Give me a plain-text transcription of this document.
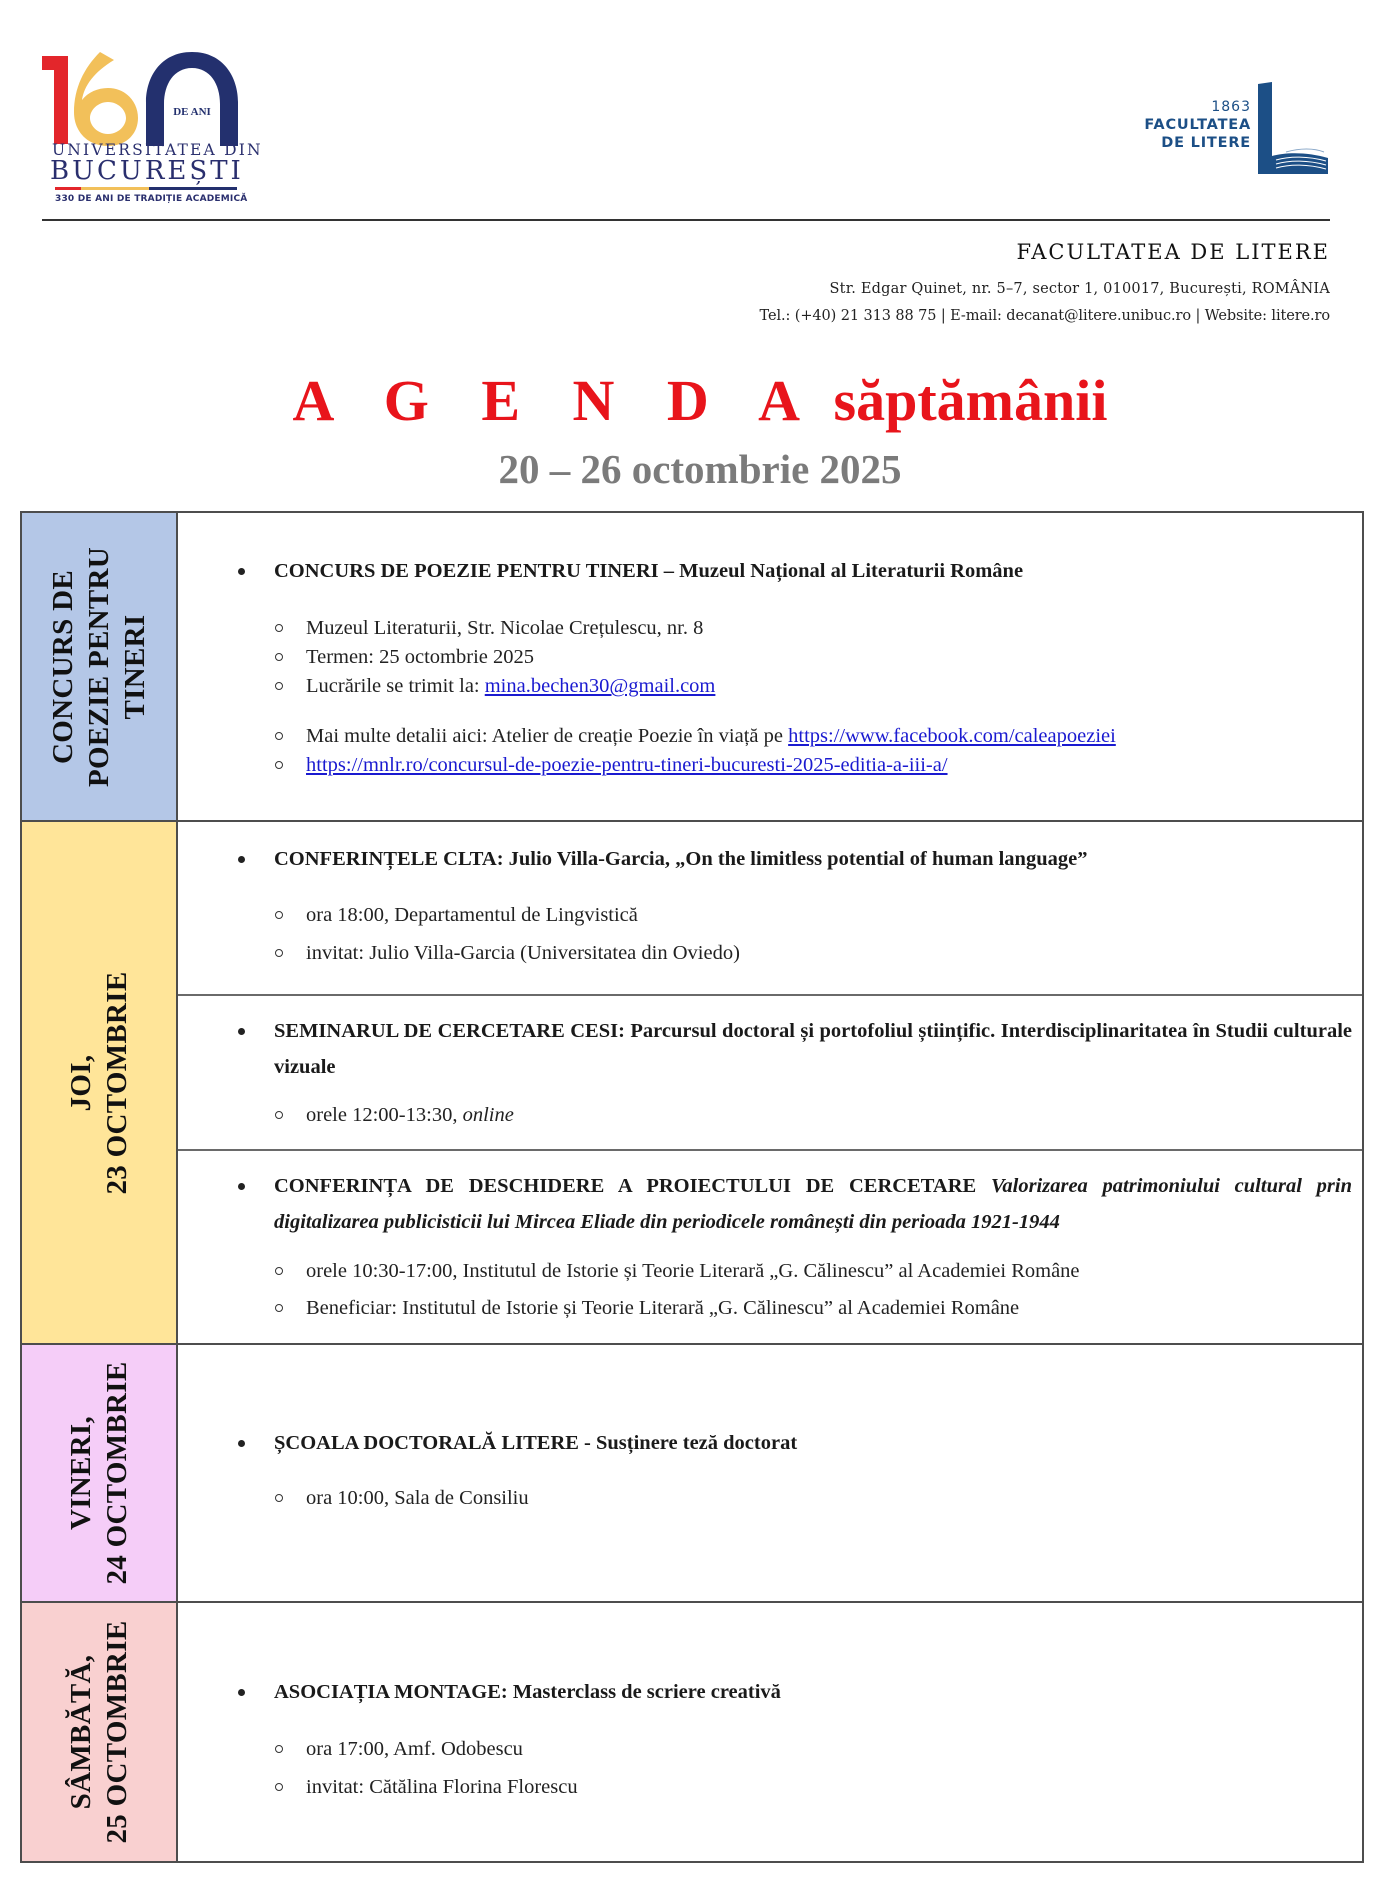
DE ANI
UNIVERSITATEA DIN
BUCUREȘTI
330 DE ANI DE TRADIȚIE ACADEMICĂ
1863
FACULTATEA
DE LITERE
FACULTATEA DE LITERE
Str. Edgar Quinet, nr. 5–7, sector 1, 010017, București, ROMÂNIA
Tel.: (+40) 21 313 88 75 | E-mail: decanat@litere.unibuc.ro | Website: litere.ro
A G E N D A săptămânii
20 – 26 octombrie 2025
CONCURS DE POEZIE PENTRU TINERI
CONCURS DE POEZIE PENTRU TINERI – Muzeul Național al Literaturii Române
Muzeul Literaturii, Str. Nicolae Crețulescu, nr. 8
Termen: 25 octombrie 2025
Lucrările se trimit la: mina.bechen30@gmail.com
Mai multe detalii aici: Atelier de creație Poezie în viață pe https://www.facebook.com/caleapoeziei
https://mnlr.ro/concursul-de-poezie-pentru-tineri-bucuresti-2025-editia-a-iii-a/
JOI, 23 OCTOMBRIE
CONFERINȚELE CLTA: Julio Villa-Garcia, „On the limitless potential of human language”
ora 18:00, Departamentul de Lingvistică
invitat: Julio Villa-Garcia (Universitatea din Oviedo)
SEMINARUL DE CERCETARE CESI: Parcursul doctoral și portofoliul științific. Interdisciplinaritatea în Studii culturale vizuale
orele 12:00-13:30, online
CONFERINȚA DE DESCHIDERE A PROIECTULUI DE CERCETARE Valorizarea patrimoniului cultural prin digitalizarea publicisticii lui Mircea Eliade din periodicele românești din perioada 1921-1944
orele 10:30-17:00, Institutul de Istorie și Teorie Literară „G. Călinescu” al Academiei Române
Beneficiar: Institutul de Istorie și Teorie Literară „G. Călinescu” al Academiei Române
VINERI, 24 OCTOMBRIE	ȘCOALA DOCTORALĂ LITERE - Susținere teză doctorat
ora 10:00, Sala de Consiliu
SÂMBĂTĂ, 25 OCTOMBRIE	ASOCIAȚIA MONTAGE: Masterclass de scriere creativă
ora 17:00, Amf. Odobescu
invitat: Cătălina Florina Florescu
